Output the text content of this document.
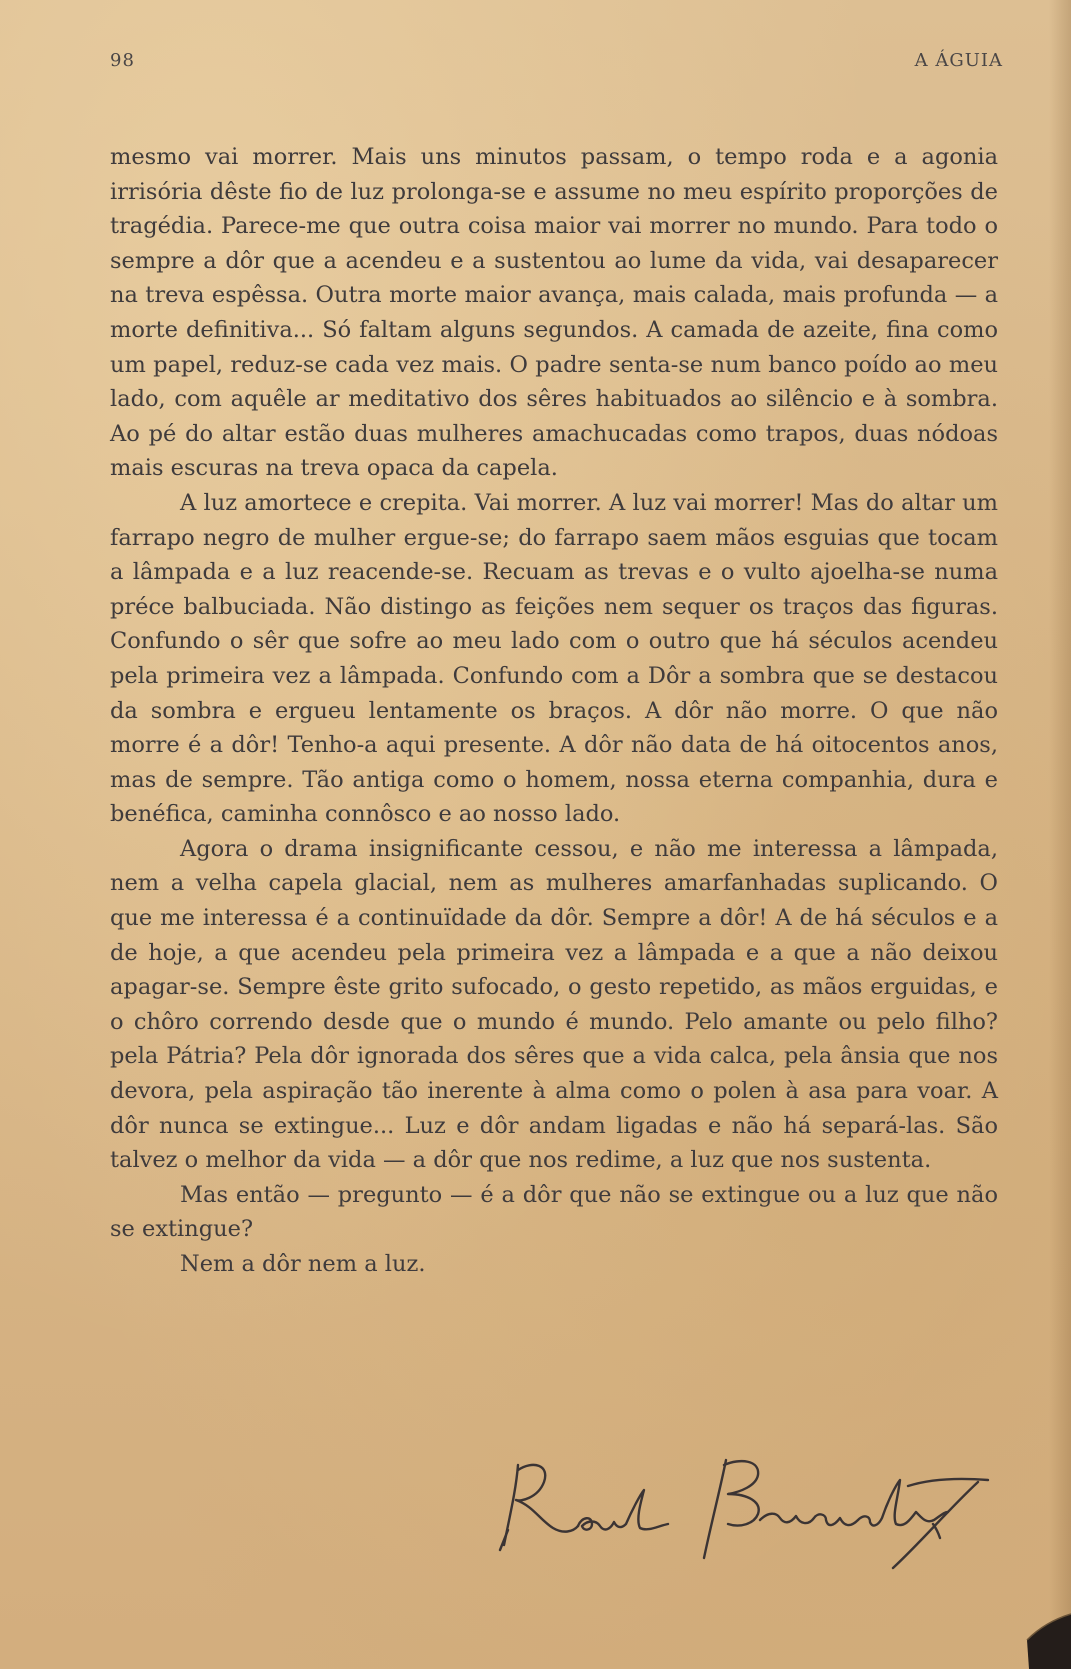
98	A ÁGUIA

mesmo vai morrer. Mais uns minutos passam, o tempo roda e a agonia irrisória dêste fio de luz prolonga-se e assume no meu espírito proporções de tragédia. Parece-me que outra coisa maior vai morrer no mundo. Para todo o sempre a dôr que a acendeu e a sustentou ao lume da vida, vai desaparecer na treva espêssa. Outra morte maior avança, mais calada, mais profunda — a morte definitiva... Só faltam alguns segundos. A camada de azeite, fina como um papel, reduz-se cada vez mais. O padre senta-se num banco poído ao meu lado, com aquêle ar meditativo dos sêres habituados ao silêncio e à sombra. Ao pé do altar estão duas mulheres amachucadas como trapos, duas nódoas mais escuras na treva opaca da capela.

A luz amortece e crepita. Vai morrer. A luz vai morrer! Mas do altar um farrapo negro de mulher ergue-se; do farrapo saem mãos esguias que tocam a lâmpada e a luz reacende-se. Recuam as trevas e o vulto ajoelha-se numa préce balbuciada. Não distingo as feições nem sequer os traços das figuras. Confundo o sêr que sofre ao meu lado com o outro que há séculos acendeu pela primeira vez a lâmpada. Confundo com a Dôr a sombra que se destacou da sombra e ergueu lentamente os braços. A dôr não morre. O que não morre é a dôr! Tenho-a aqui presente. A dôr não data de há oitocentos anos, mas de sempre. Tão antiga como o homem, nossa eterna companhia, dura e benéfica, caminha connôsco e ao nosso lado.

Agora o drama insignificante cessou, e não me interessa a lâmpada, nem a velha capela glacial, nem as mulheres amarfanhadas suplicando. O que me interessa é a continuïdade da dôr. Sempre a dôr! A de há séculos e a de hoje, a que acendeu pela primeira vez a lâmpada e a que a não deixou apagar-se. Sempre êste grito sufocado, o gesto repetido, as mãos erguidas, e o chôro correndo desde que o mundo é mundo. Pelo amante ou pelo filho? pela Pátria? Pela dôr ignorada dos sêres que a vida calca, pela ânsia que nos devora, pela aspiração tão inerente à alma como o polen à asa para voar. A dôr nunca se extingue... Luz e dôr andam ligadas e não há separá-las. São talvez o melhor da vida — a dôr que nos redime, a luz que nos sustenta.

Mas então — pregunto — é a dôr que não se extingue ou a luz que não se extingue?

Nem a dôr nem a luz.
